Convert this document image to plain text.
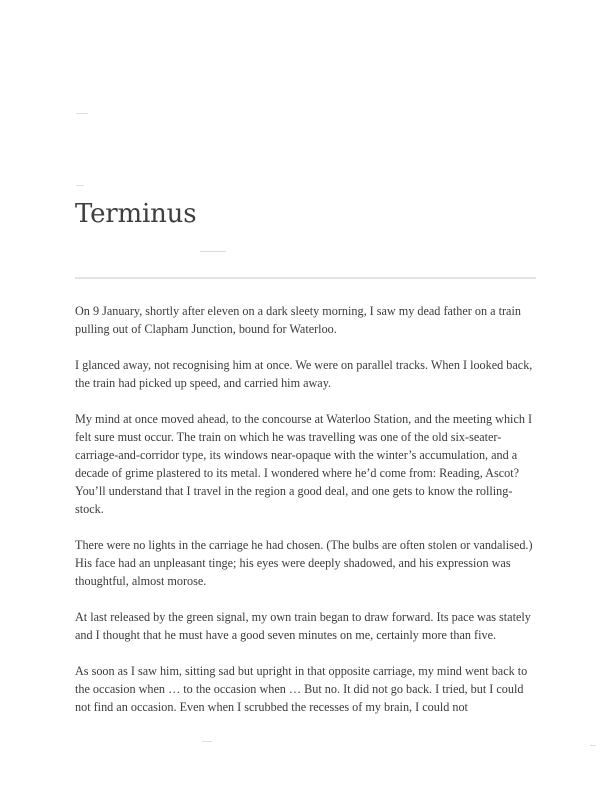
Terminus

On 9 January, shortly after eleven on a dark sleety morning, I saw my dead father on a train pulling out of Clapham Junction, bound for Waterloo.

I glanced away, not recognising him at once. We were on parallel tracks. When I looked back, the train had picked up speed, and carried him away.

My mind at once moved ahead, to the concourse at Waterloo Station, and the meeting which I felt sure must occur. The train on which he was travelling was one of the old six-seater-carriage-and-corridor type, its windows near-opaque with the winter’s accumulation, and a decade of grime plastered to its metal. I wondered where he’d come from: Reading, Ascot? You’ll understand that I travel in the region a good deal, and one gets to know the rolling-stock.

There were no lights in the carriage he had chosen. (The bulbs are often stolen or vandalised.) His face had an unpleasant tinge; his eyes were deeply shadowed, and his expression was thoughtful, almost morose.

At last released by the green signal, my own train began to draw forward. Its pace was stately and I thought that he must have a good seven minutes on me, certainly more than five.

As soon as I saw him, sitting sad but upright in that opposite carriage, my mind went back to the occasion when … to the occasion when … But no. It did not go back. I tried, but I could not find an occasion. Even when I scrubbed the recesses of my brain, I could not
